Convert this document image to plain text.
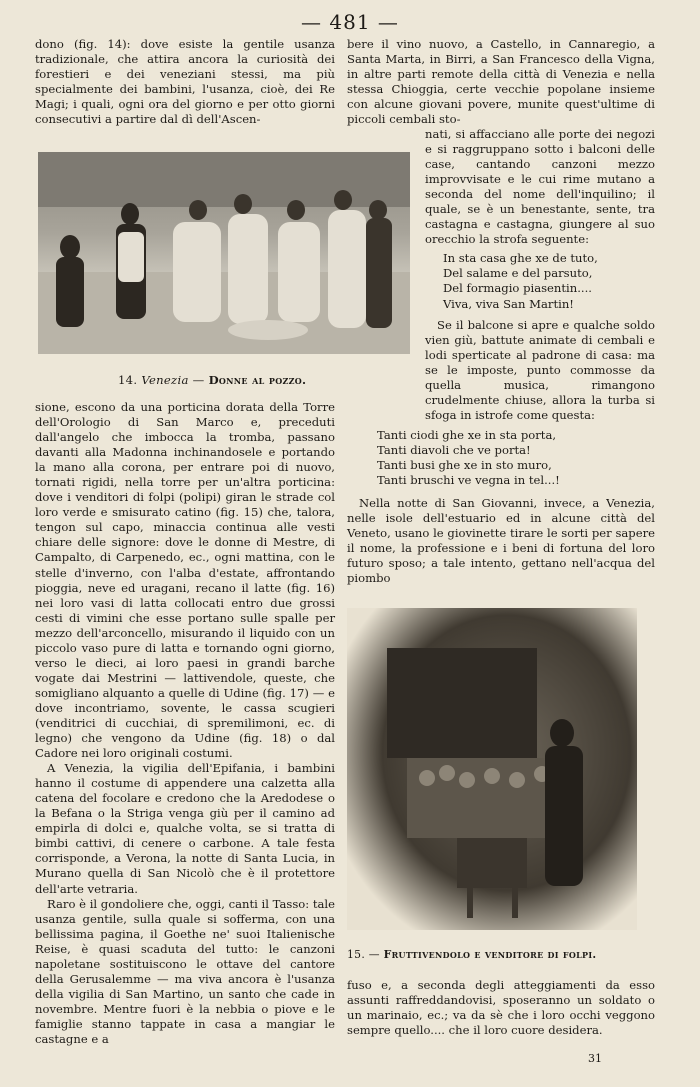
— 481 —

dono (fig. 14): dove esiste la gentile usanza tradizionale, che attira ancora la curiosità dei forestieri e dei veneziani stessi, ma più specialmente dei bambini, l'usanza, cioè, dei Re Magi; i quali, ogni ora del giorno e per otto giorni consecutivi a partire dal dì dell'Ascen-

14. Venezia — Donne al pozzo.

sione, escono da una porticina dorata della Torre dell'Orologio di San Marco e, preceduti dall'angelo che imbocca la tromba, passano davanti alla Madonna inchinandosele e portando la mano alla corona, per entrare poi di nuovo, tornati rigidi, nella torre per un'altra porticina: dove i venditori di folpi (polipi) giran le strade col loro verde e smisurato catino (fig. 15) che, talora, tengon sul capo, minaccia continua alle vesti chiare delle signore: dove le donne di Mestre, di Campalto, di Carpenedo, ec., ogni mattina, con le stelle d'inverno, con l'alba d'estate, affrontando pioggia, neve ed uragani, recano il latte (fig. 16) nei loro vasi di latta collocati entro due grossi cesti di vimini che esse portano sulle spalle per mezzo dell'arconcello, misurando il liquido con un piccolo vaso pure di latta e tornando ogni giorno, verso le dieci, ai loro paesi in grandi barche vogate dai Mestrini — lattivendole, queste, che somigliano alquanto a quelle di Udine (fig. 17) — e dove incontriamo, sovente, le cassa scugieri (venditrici di cucchiai, di spremilimoni, ec. di legno) che vengono da Udine (fig. 18) o dal Cadore nei loro originali costumi.

A Venezia, la vigilia dell'Epifania, i bambini hanno il costume di appendere una calzetta alla catena del focolare e credono che la Aredodese o la Befana o la Striga venga giù per il camino ad empirla di dolci e, qualche volta, se si tratta di bimbi cattivi, di cenere o carbone. A tale festa corrisponde, a Verona, la notte di Santa Lucia, in Murano quella di San Nicolò che è il protettore dell'arte vetraria.

Raro è il gondoliere che, oggi, canti il Tasso: tale usanza gentile, sulla quale si sofferma, con una bellissima pagina, il Goethe ne' suoi Italienische Reise, è quasi scaduta del tutto: le canzoni napoletane sostituiscono le ottave del cantore della Gerusalemme — ma viva ancora è l'usanza della vigilia di San Martino, un santo che cade in novembre. Mentre fuori è la nebbia o piove e le famiglie stanno tappate in casa a mangiar le castagne e a

bere il vino nuovo, a Castello, in Cannaregio, a Santa Marta, in Birri, a San Francesco della Vigna, in altre parti remote della città di Venezia e nella stessa Chioggia, certe vecchie popolane insieme con alcune giovani povere, munite quest'ultime di piccoli cembali sto-

nati, si affacciano alle porte dei negozi e si raggruppano sotto i balconi delle case, cantando canzoni mezzo improvvisate e le cui rime mutano a seconda del nome dell'inquilino; il quale, se è un benestante, sente, tra castagna e castagna, giungere al suo orecchio la strofa seguente:

In sta casa ghe xe de tuto,
Del salame e del parsuto,
Del formagio piasentin....
Viva, viva San Martin!

Se il balcone si apre e qualche soldo vien giù, battute animate di cembali e lodi sperticate al padrone di casa: ma se le imposte, punto commosse da quella musica, rimangono crudelmente chiuse, allora la turba si sfoga in istrofe come questa:

Tanti ciodi ghe xe in sta porta,
Tanti diavoli che ve porta!
Tanti busi ghe xe in sto muro,
Tanti bruschi ve vegna in tel...!

Nella notte di San Giovanni, invece, a Venezia, nelle isole dell'estuario ed in alcune città del Veneto, usano le giovinette tirare le sorti per sapere il nome, la professione e i beni di fortuna del loro futuro sposo; a tale intento, gettano nell'acqua del piombo

15. — Fruttivendolo e venditore di folpi.

fuso e, a seconda degli atteggiamenti da esso assunti raffreddandovisi, sposeranno un soldato o un marinaio, ec.; va da sè che i loro occhi veggono sempre quello.... che il loro cuore desidera.

31
